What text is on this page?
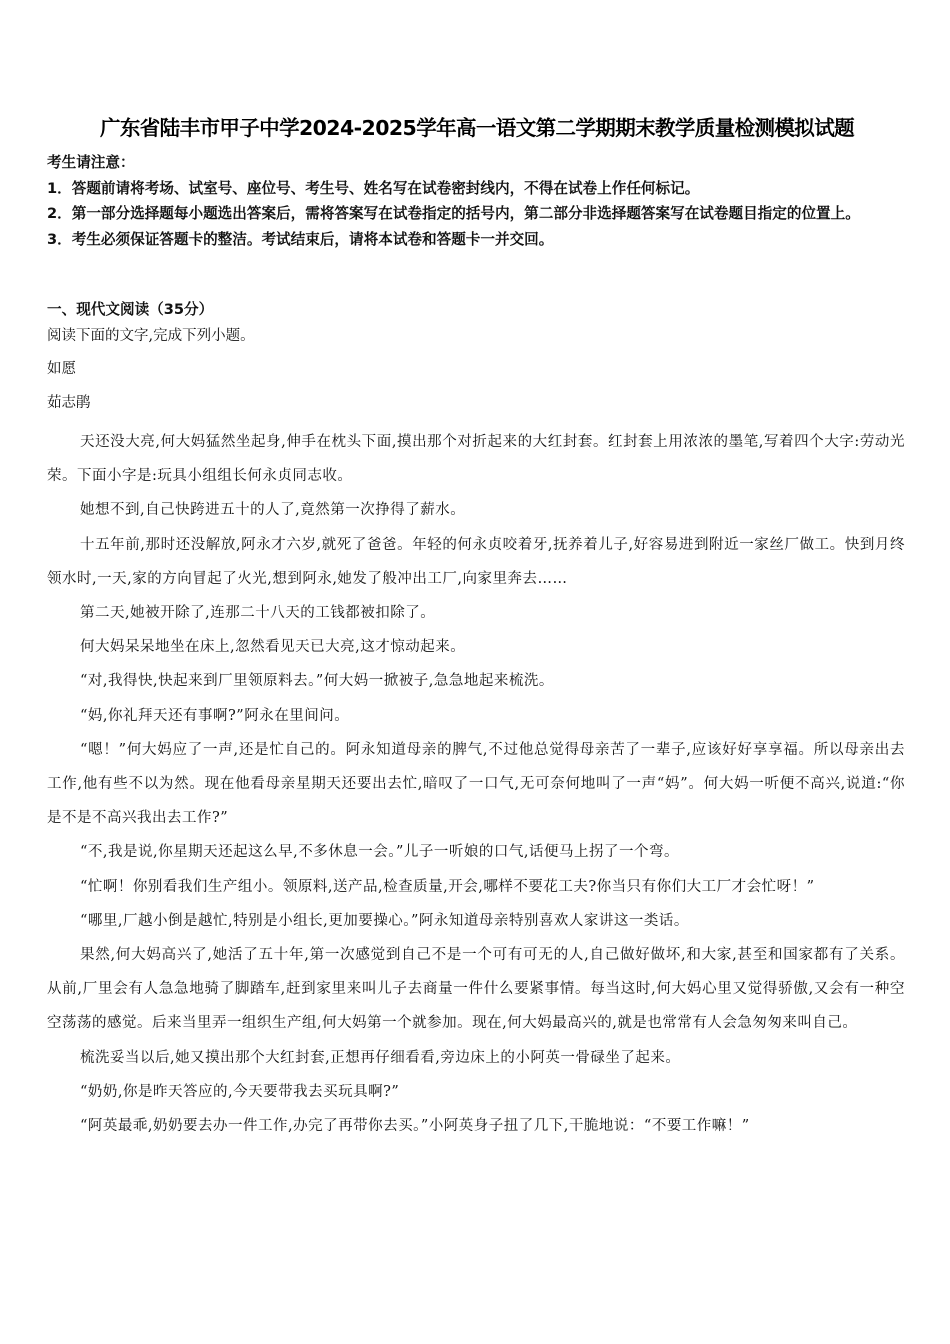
广东省陆丰市甲子中学2024-2025学年高一语文第二学期期末教学质量检测模拟试题

考生请注意：

1．答题前请将考场、试室号、座位号、考生号、姓名写在试卷密封线内，不得在试卷上作任何标记。

2．第一部分选择题每小题选出答案后，需将答案写在试卷指定的括号内，第二部分非选择题答案写在试卷题目指定的位置上。

3．考生必须保证答题卡的整洁。考试结束后，请将本试卷和答题卡一并交回。

一、现代文阅读（35分）
阅读下面的文字,完成下列小题。
如愿
茹志鹃

天还没大亮,何大妈猛然坐起身,伸手在枕头下面,摸出那个对折起来的大红封套。红封套上用浓浓的墨笔,写着四个大字:劳动光荣。下面小字是:玩具小组组长何永贞同志收。

她想不到,自己快跨进五十的人了,竟然第一次挣得了薪水。

十五年前,那时还没解放,阿永才六岁,就死了爸爸。年轻的何永贞咬着牙,抚养着儿子,好容易进到附近一家丝厂做工。快到月终领水时,一天,家的方向冒起了火光,想到阿永,她发了般冲出工厂,向家里奔去……

第二天,她被开除了,连那二十八天的工钱都被扣除了。

何大妈呆呆地坐在床上,忽然看见天已大亮,这才惊动起来。

“对,我得快,快起来到厂里领原料去。”何大妈一掀被子,急急地起来梳洗。

“妈,你礼拜天还有事啊?”阿永在里间问。

“嗯！”何大妈应了一声,还是忙自己的。阿永知道母亲的脾气,不过他总觉得母亲苦了一辈子,应该好好享享福。所以母亲出去工作,他有些不以为然。现在他看母亲星期天还要出去忙,暗叹了一口气,无可奈何地叫了一声“妈”。何大妈一听便不高兴,说道:“你是不是不高兴我出去工作?”

“不,我是说,你星期天还起这么早,不多休息一会。”儿子一听娘的口气,话便马上拐了一个弯。

“忙啊！你别看我们生产组小。领原料,送产品,检查质量,开会,哪样不要花工夫?你当只有你们大工厂才会忙呀！”

“哪里,厂越小倒是越忙,特别是小组长,更加要操心。”阿永知道母亲特别喜欢人家讲这一类话。

果然,何大妈高兴了,她活了五十年,第一次感觉到自己不是一个可有可无的人,自己做好做坏,和大家,甚至和国家都有了关系。从前,厂里会有人急急地骑了脚踏车,赶到家里来叫儿子去商量一件什么要紧事情。每当这时,何大妈心里又觉得骄傲,又会有一种空空荡荡的感觉。后来当里弄一组织生产组,何大妈第一个就参加。现在,何大妈最高兴的,就是也常常有人会急匆匆来叫自己。

梳洗妥当以后,她又摸出那个大红封套,正想再仔细看看,旁边床上的小阿英一骨碌坐了起来。

“奶奶,你是昨天答应的,今天要带我去买玩具啊?”

“阿英最乖,奶奶要去办一件工作,办完了再带你去买。”小阿英身子扭了几下,干脆地说：“不要工作嘛！”
